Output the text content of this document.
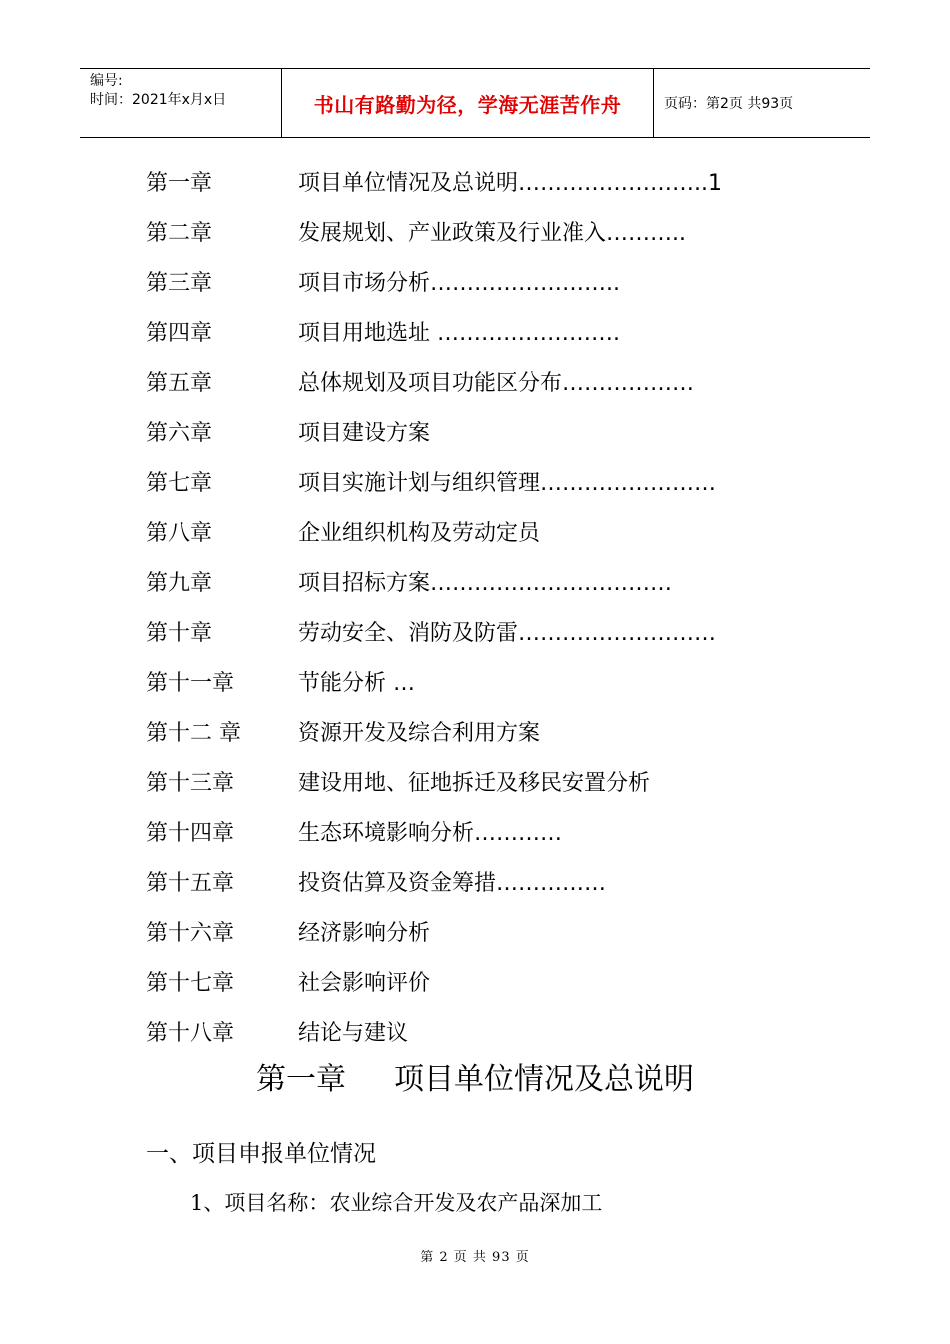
编号:
时间：2021年x月x日	书山有路勤为径，学海无涯苦作舟	页码：第2页 共93页
第一章	项目单位情况及总说明……………………..1
第二章	发展规划、产业政策及行业准入………..
第三章	项目市场分析……………………..
第四章	项目用地选址 …………………….
第五章	总体规划及项目功能区分布………………
第六章	项目建设方案
第七章	项目实施计划与组织管理……………………
第八章	企业组织机构及劳动定员
第九章	项目招标方案……………………………
第十章	劳动安全、消防及防雷………………………
第十一章	节能分析 …
第十二 章	资源开发及综合利用方案
第十三章	建设用地、征地拆迁及移民安置分析
第十四章	生态环境影响分析…………
第十五章	投资估算及资金筹措……………
第十六章	经济影响分析
第十七章	社会影响评价
第十八章	结论与建议
第一章 项目单位情况及总说明
一、项目申报单位情况
1、项目名称：农业综合开发及农产品深加工
第 2 页 共 93 页
